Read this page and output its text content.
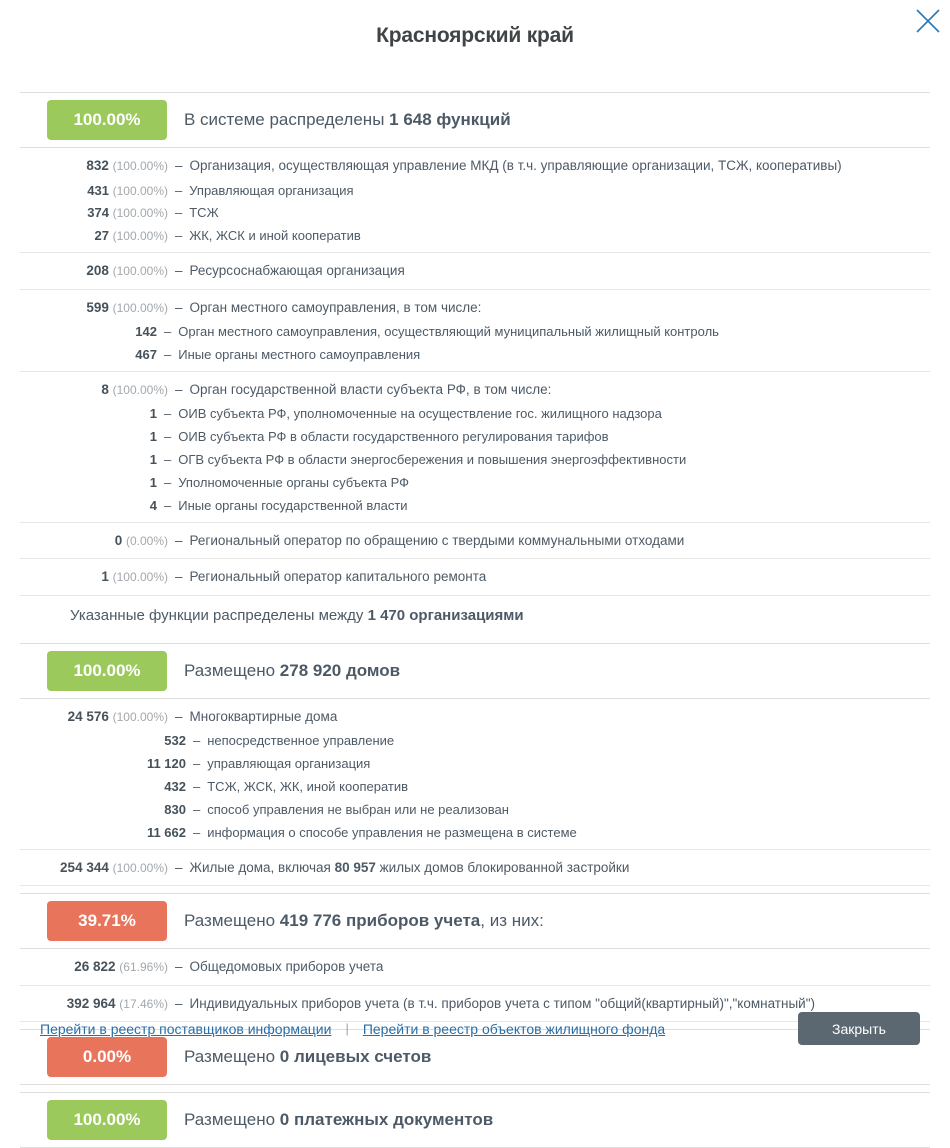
Красноярский край
100.00%	В системе распределены 1 648 функций
832 (100.00%) – Организация, осуществляющая управление МКД (в т.ч. управляющие организации, ТСЖ, кооперативы)
431 (100.00%) – Управляющая организация
374 (100.00%) – ТСЖ
27 (100.00%) – ЖК, ЖСК и иной кооператив
208 (100.00%) – Ресурсоснабжающая организация
599 (100.00%) – Орган местного самоуправления, в том числе:
142 – Орган местного самоуправления, осуществляющий муниципальный жилищный контроль
467 – Иные органы местного самоуправления
8 (100.00%) – Орган государственной власти субъекта РФ, в том числе:
1 – ОИВ субъекта РФ, уполномоченные на осуществление гос. жилищного надзора
1 – ОИВ субъекта РФ в области государственного регулирования тарифов
1 – ОГВ субъекта РФ в области энергосбережения и повышения энергоэффективности
1 – Уполномоченные органы субъекта РФ
4 – Иные органы государственной власти
0 (0.00%) – Региональный оператор по обращению с твердыми коммунальными отходами
1 (100.00%) – Региональный оператор капитального ремонта
Указанные функции распределены между 1 470 организациями
100.00%	Размещено 278 920 домов
24 576 (100.00%) – Многоквартирные дома
532 – непосредственное управление
11 120 – управляющая организация
432 – ТСЖ, ЖСК, ЖК, иной кооператив
830 – способ управления не выбран или не реализован
11 662 – информация о способе управления не размещена в системе
254 344 (100.00%) – Жилые дома, включая 80 957 жилых домов блокированной застройки
39.71%	Размещено 419 776 приборов учета, из них:
26 822 (61.96%) – Общедомовых приборов учета
392 964 (17.46%) – Индивидуальных приборов учета (в т.ч. приборов учета с типом "общий(квартирный)","комнатный")
0.00%	Размещено 0 лицевых счетов
100.00%	Размещено 0 платежных документов
Перейти в реестр поставщиков информации | Перейти в реестр объектов жилищного фонда	Закрыть
